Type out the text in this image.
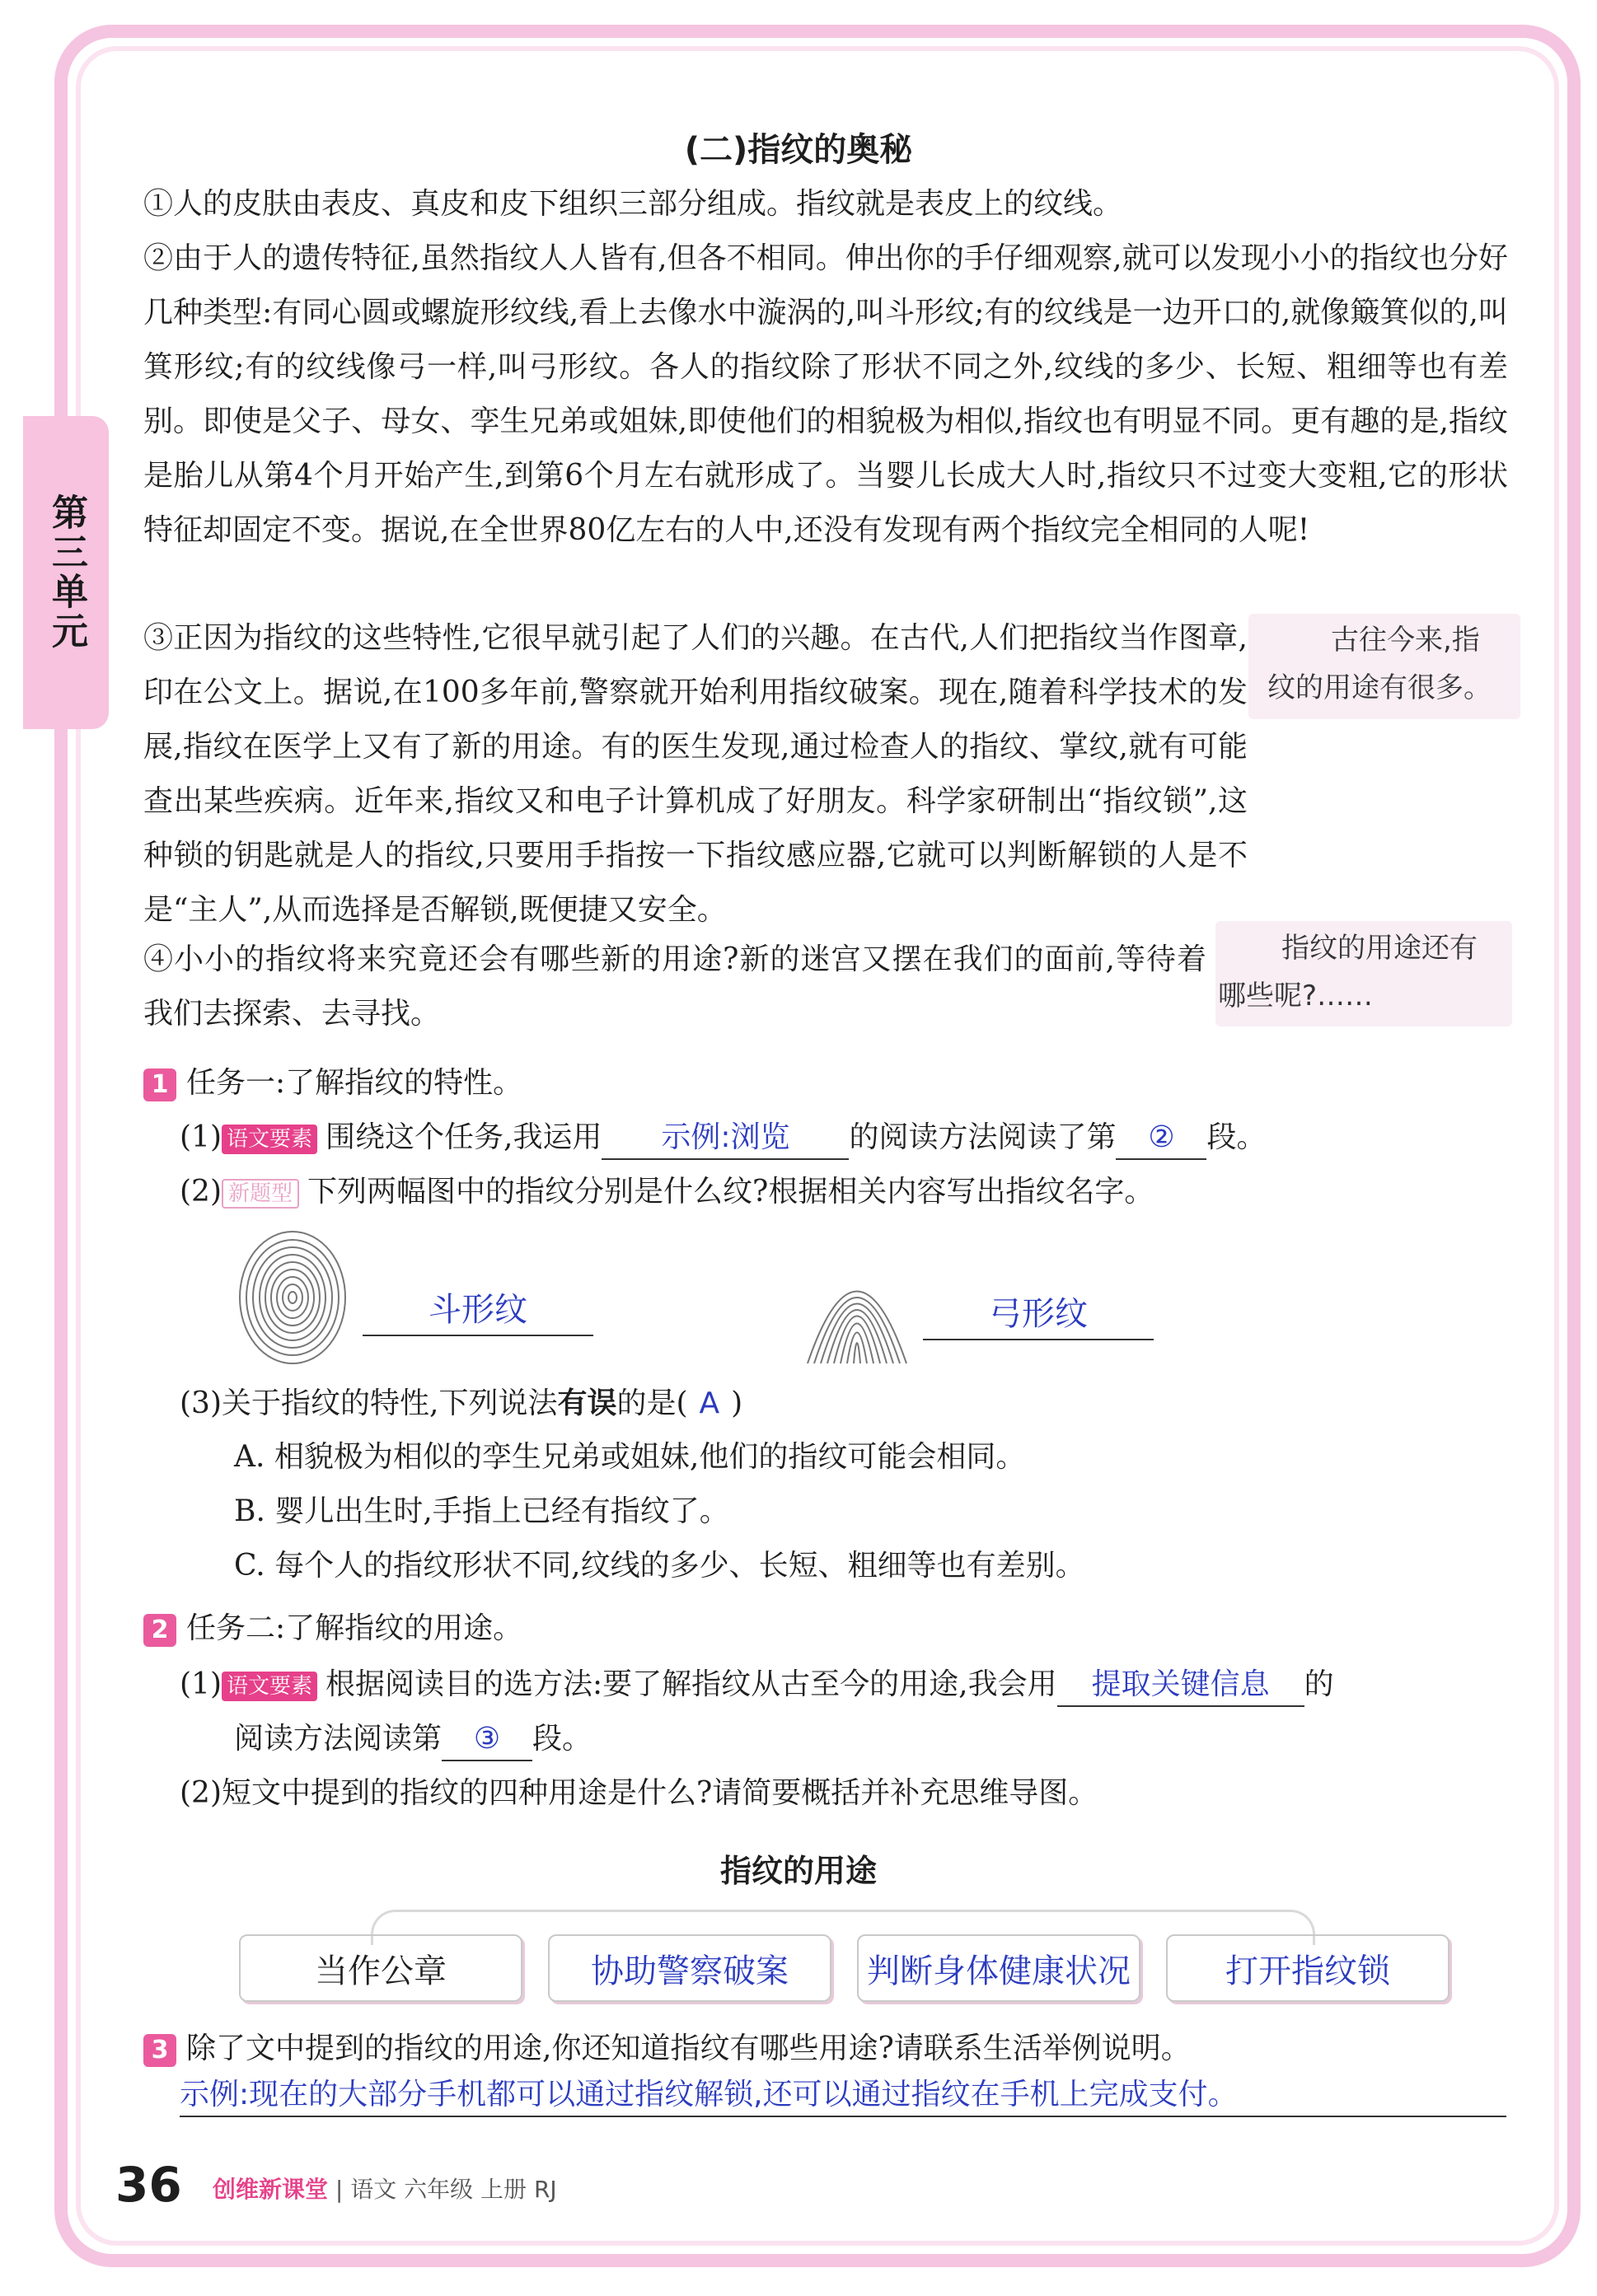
第三单元
(二)指纹的奥秘
①人的皮肤由表皮、真皮和皮下组织三部分组成。指纹就是表皮上的纹线。
②由于人的遗传特征,虽然指纹人人皆有,但各不相同。伸出你的手仔细观察,就可以发现小小的指纹也分好几种类型:有同心圆或螺旋形纹线,看上去像水中漩涡的,叫斗形纹;有的纹线是一边开口的,就像簸箕似的,叫箕形纹;有的纹线像弓一样,叫弓形纹。各人的指纹除了形状不同之外,纹线的多少、长短、粗细等也有差别。即使是父子、母女、孪生兄弟或姐妹,即使他们的相貌极为相似,指纹也有明显不同。更有趣的是,指纹是胎儿从第4个月开始产生,到第6个月左右就形成了。当婴儿长成大人时,指纹只不过变大变粗,它的形状特征却固定不变。据说,在全世界80亿左右的人中,还没有发现有两个指纹完全相同的人呢!
古往今来,指
纹的用途有很多。
③正因为指纹的这些特性,它很早就引起了人们的兴趣。在古代,人们把指纹当作图章,印在公文上。据说,在100多年前,警察就开始利用指纹破案。现在,随着科学技术的发展,指纹在医学上又有了新的用途。有的医生发现,通过检查人的指纹、掌纹,就有可能查出某些疾病。近年来,指纹又和电子计算机成了好朋友。科学家研制出“指纹锁”,这种锁的钥匙就是人的指纹,只要用手指按一下指纹感应器,它就可以判断解锁的人是不是“主人”,从而选择是否解锁,既便捷又安全。
指纹的用途还有
哪些呢?……
④小小的指纹将来究竟还会有哪些新的用途?新的迷宫又摆在我们的面前,等待着我们去探索、去寻找。
1 任务一:了解指纹的特性。
(1) 语文要素 围绕这个任务,我运用 示例:浏览 的阅读方法阅读了第 ② 段。
(2) 新题型 下列两幅图中的指纹分别是什么纹?根据相关内容写出指纹名字。
斗形纹	弓形纹
(3)关于指纹的特性,下列说法有误的是( A )
A. 相貌极为相似的孪生兄弟或姐妹,他们的指纹可能会相同。
B. 婴儿出生时,手指上已经有指纹了。
C. 每个人的指纹形状不同,纹线的多少、长短、粗细等也有差别。
2 任务二:了解指纹的用途。
(1) 语文要素 根据阅读目的选方法:要了解指纹从古至今的用途,我会用 提取关键信息 的
阅读方法阅读第 ③ 段。
(2)短文中提到的指纹的四种用途是什么?请简要概括并补充思维导图。
指纹的用途
当作公章	协助警察破案	判断身体健康状况	打开指纹锁
3 除了文中提到的指纹的用途,你还知道指纹有哪些用途?请联系生活举例说明。
示例:现在的大部分手机都可以通过指纹解锁,还可以通过指纹在手机上完成支付。
36 创维新课堂 | 语文 六年级 上册 RJ
